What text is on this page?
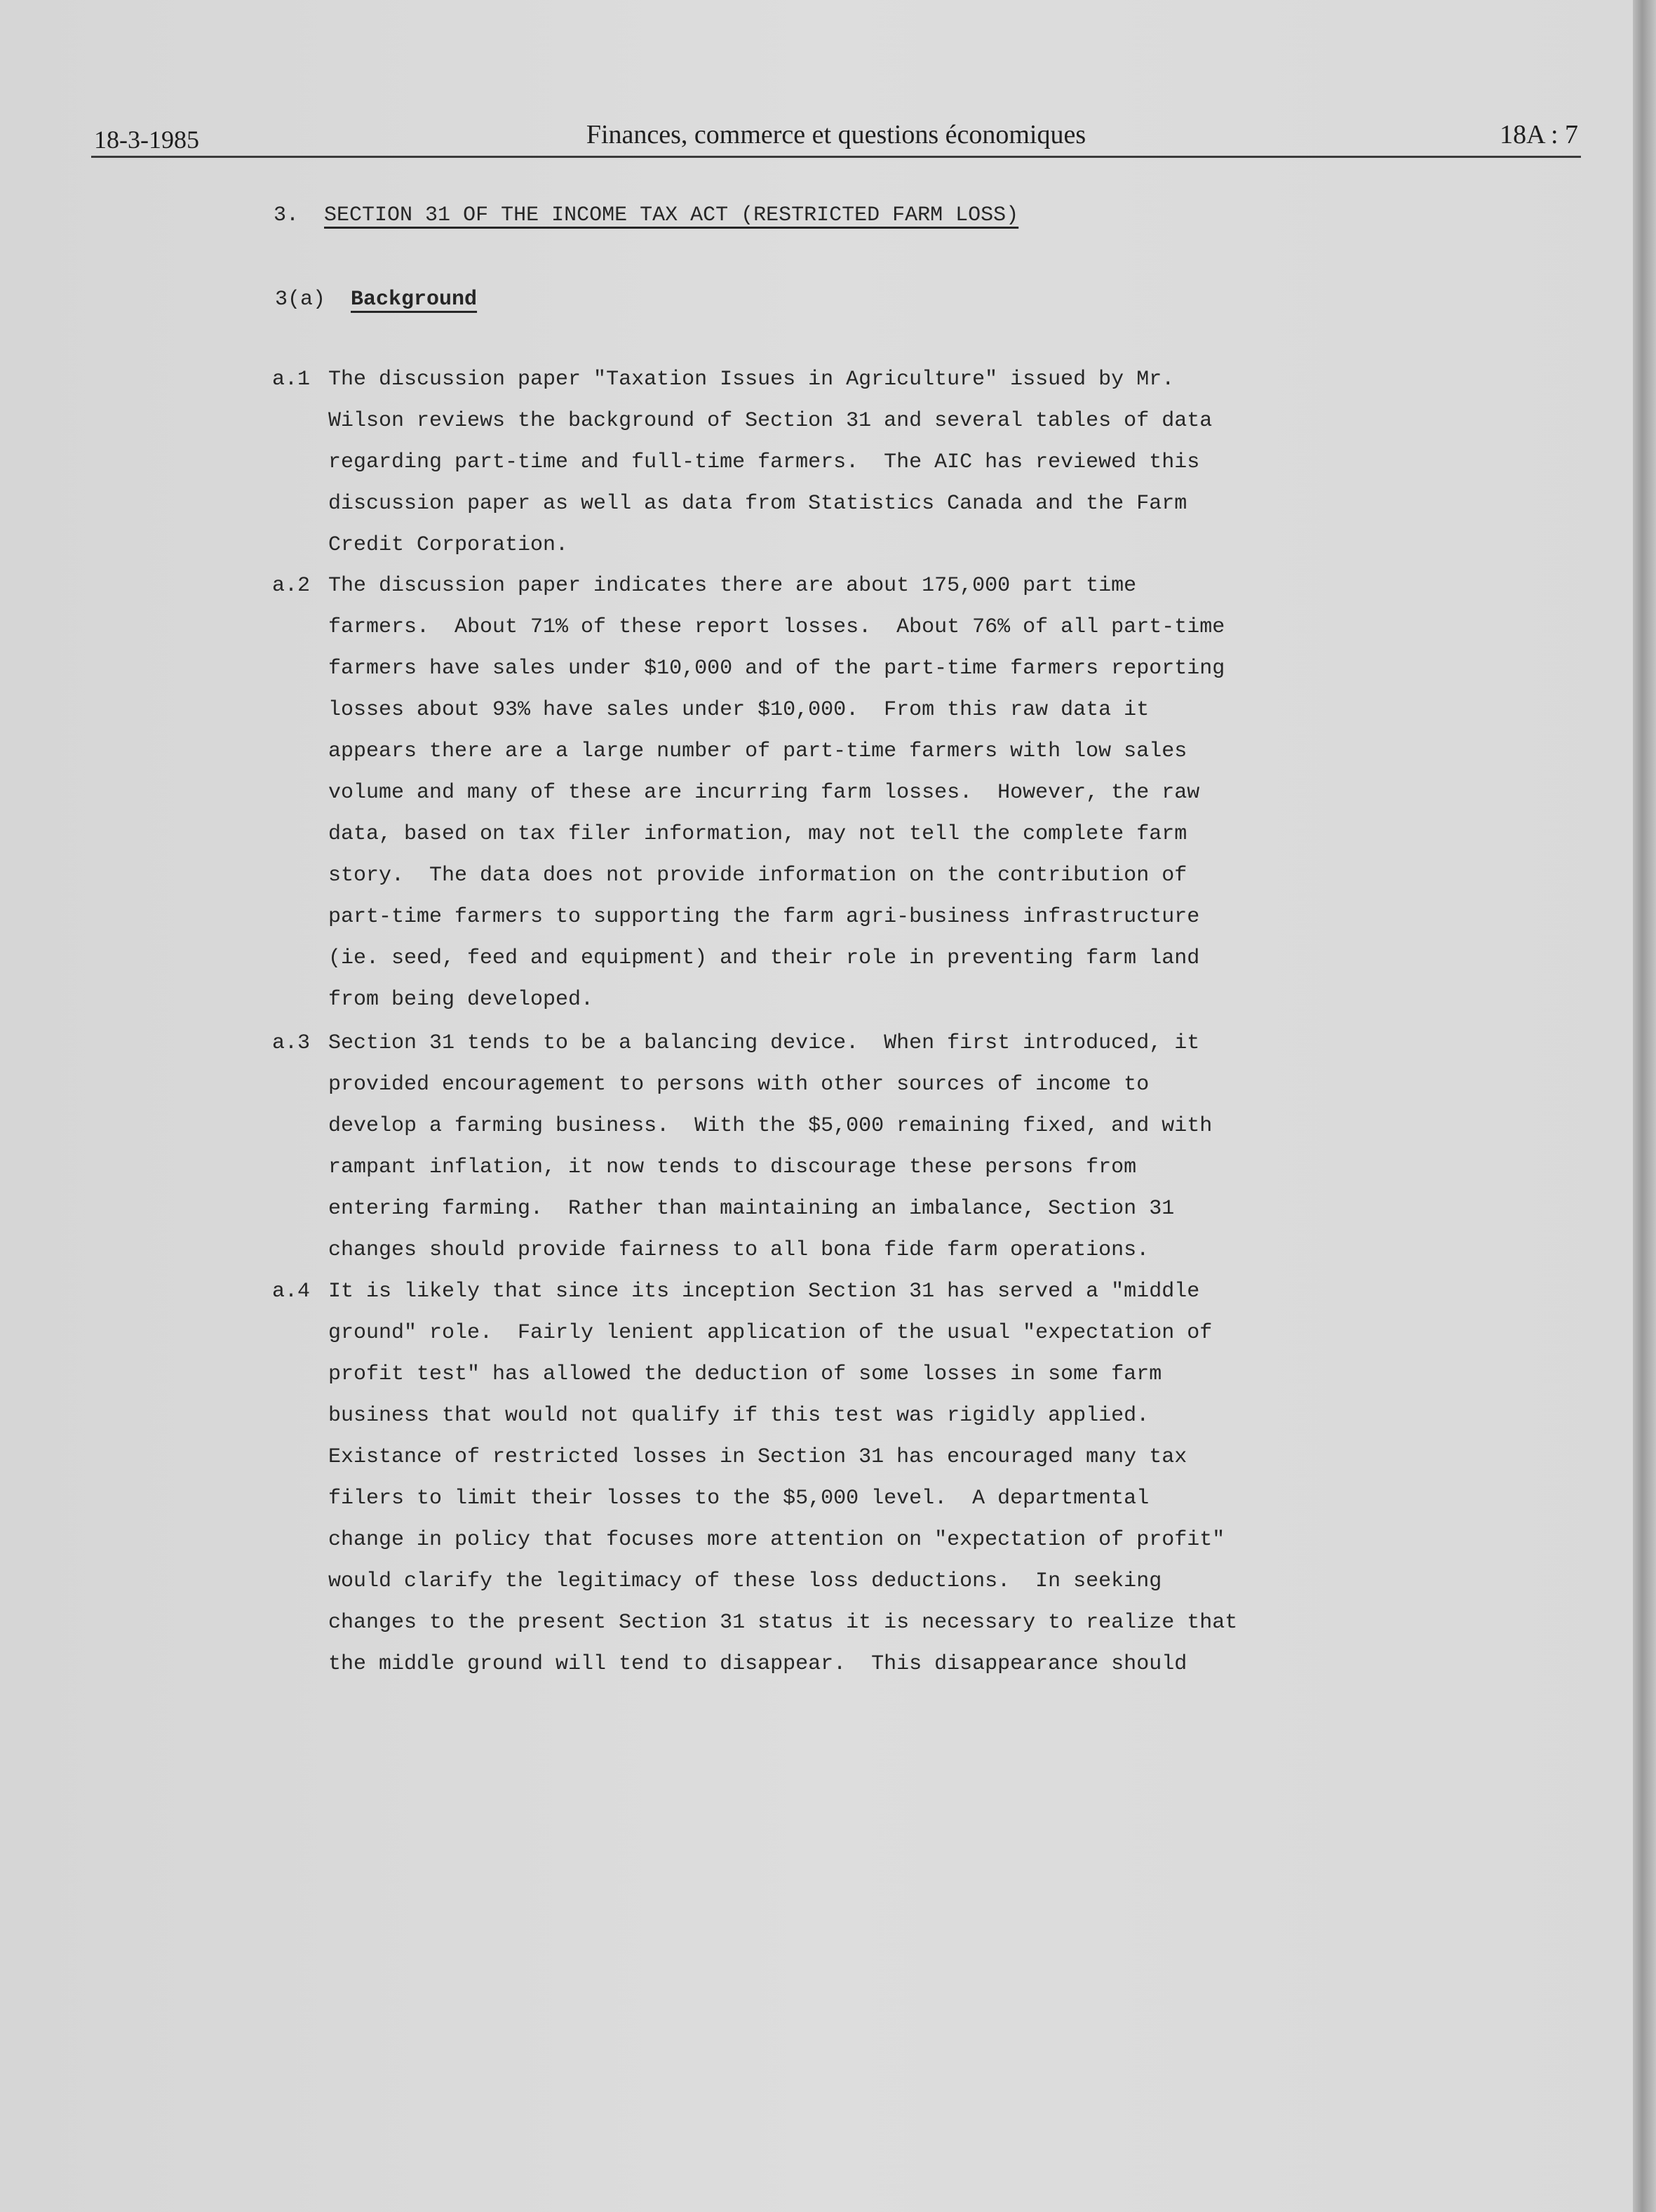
18-3-1985	Finances, commerce et questions économiques	18A : 7
3. SECTION 31 OF THE INCOME TAX ACT (RESTRICTED FARM LOSS)
3(a) Background
a.1 The discussion paper "Taxation Issues in Agriculture" issued by Mr.
Wilson reviews the background of Section 31 and several tables of data
regarding part-time and full-time farmers.  The AIC has reviewed this
discussion paper as well as data from Statistics Canada and the Farm
Credit Corporation.
a.2 The discussion paper indicates there are about 175,000 part time
farmers.  About 71% of these report losses.  About 76% of all part-time
farmers have sales under $10,000 and of the part-time farmers reporting
losses about 93% have sales under $10,000.  From this raw data it
appears there are a large number of part-time farmers with low sales
volume and many of these are incurring farm losses.  However, the raw
data, based on tax filer information, may not tell the complete farm
story.  The data does not provide information on the contribution of
part-time farmers to supporting the farm agri-business infrastructure
(ie. seed, feed and equipment) and their role in preventing farm land
from being developed.
a.3 Section 31 tends to be a balancing device.  When first introduced, it
provided encouragement to persons with other sources of income to
develop a farming business.  With the $5,000 remaining fixed, and with
rampant inflation, it now tends to discourage these persons from
entering farming.  Rather than maintaining an imbalance, Section 31
changes should provide fairness to all bona fide farm operations.
a.4 It is likely that since its inception Section 31 has served a "middle
ground" role.  Fairly lenient application of the usual "expectation of
profit test" has allowed the deduction of some losses in some farm
business that would not qualify if this test was rigidly applied.
Existance of restricted losses in Section 31 has encouraged many tax
filers to limit their losses to the $5,000 level.  A departmental
change in policy that focuses more attention on "expectation of profit"
would clarify the legitimacy of these loss deductions.  In seeking
changes to the present Section 31 status it is necessary to realize that
the middle ground will tend to disappear.  This disappearance should
